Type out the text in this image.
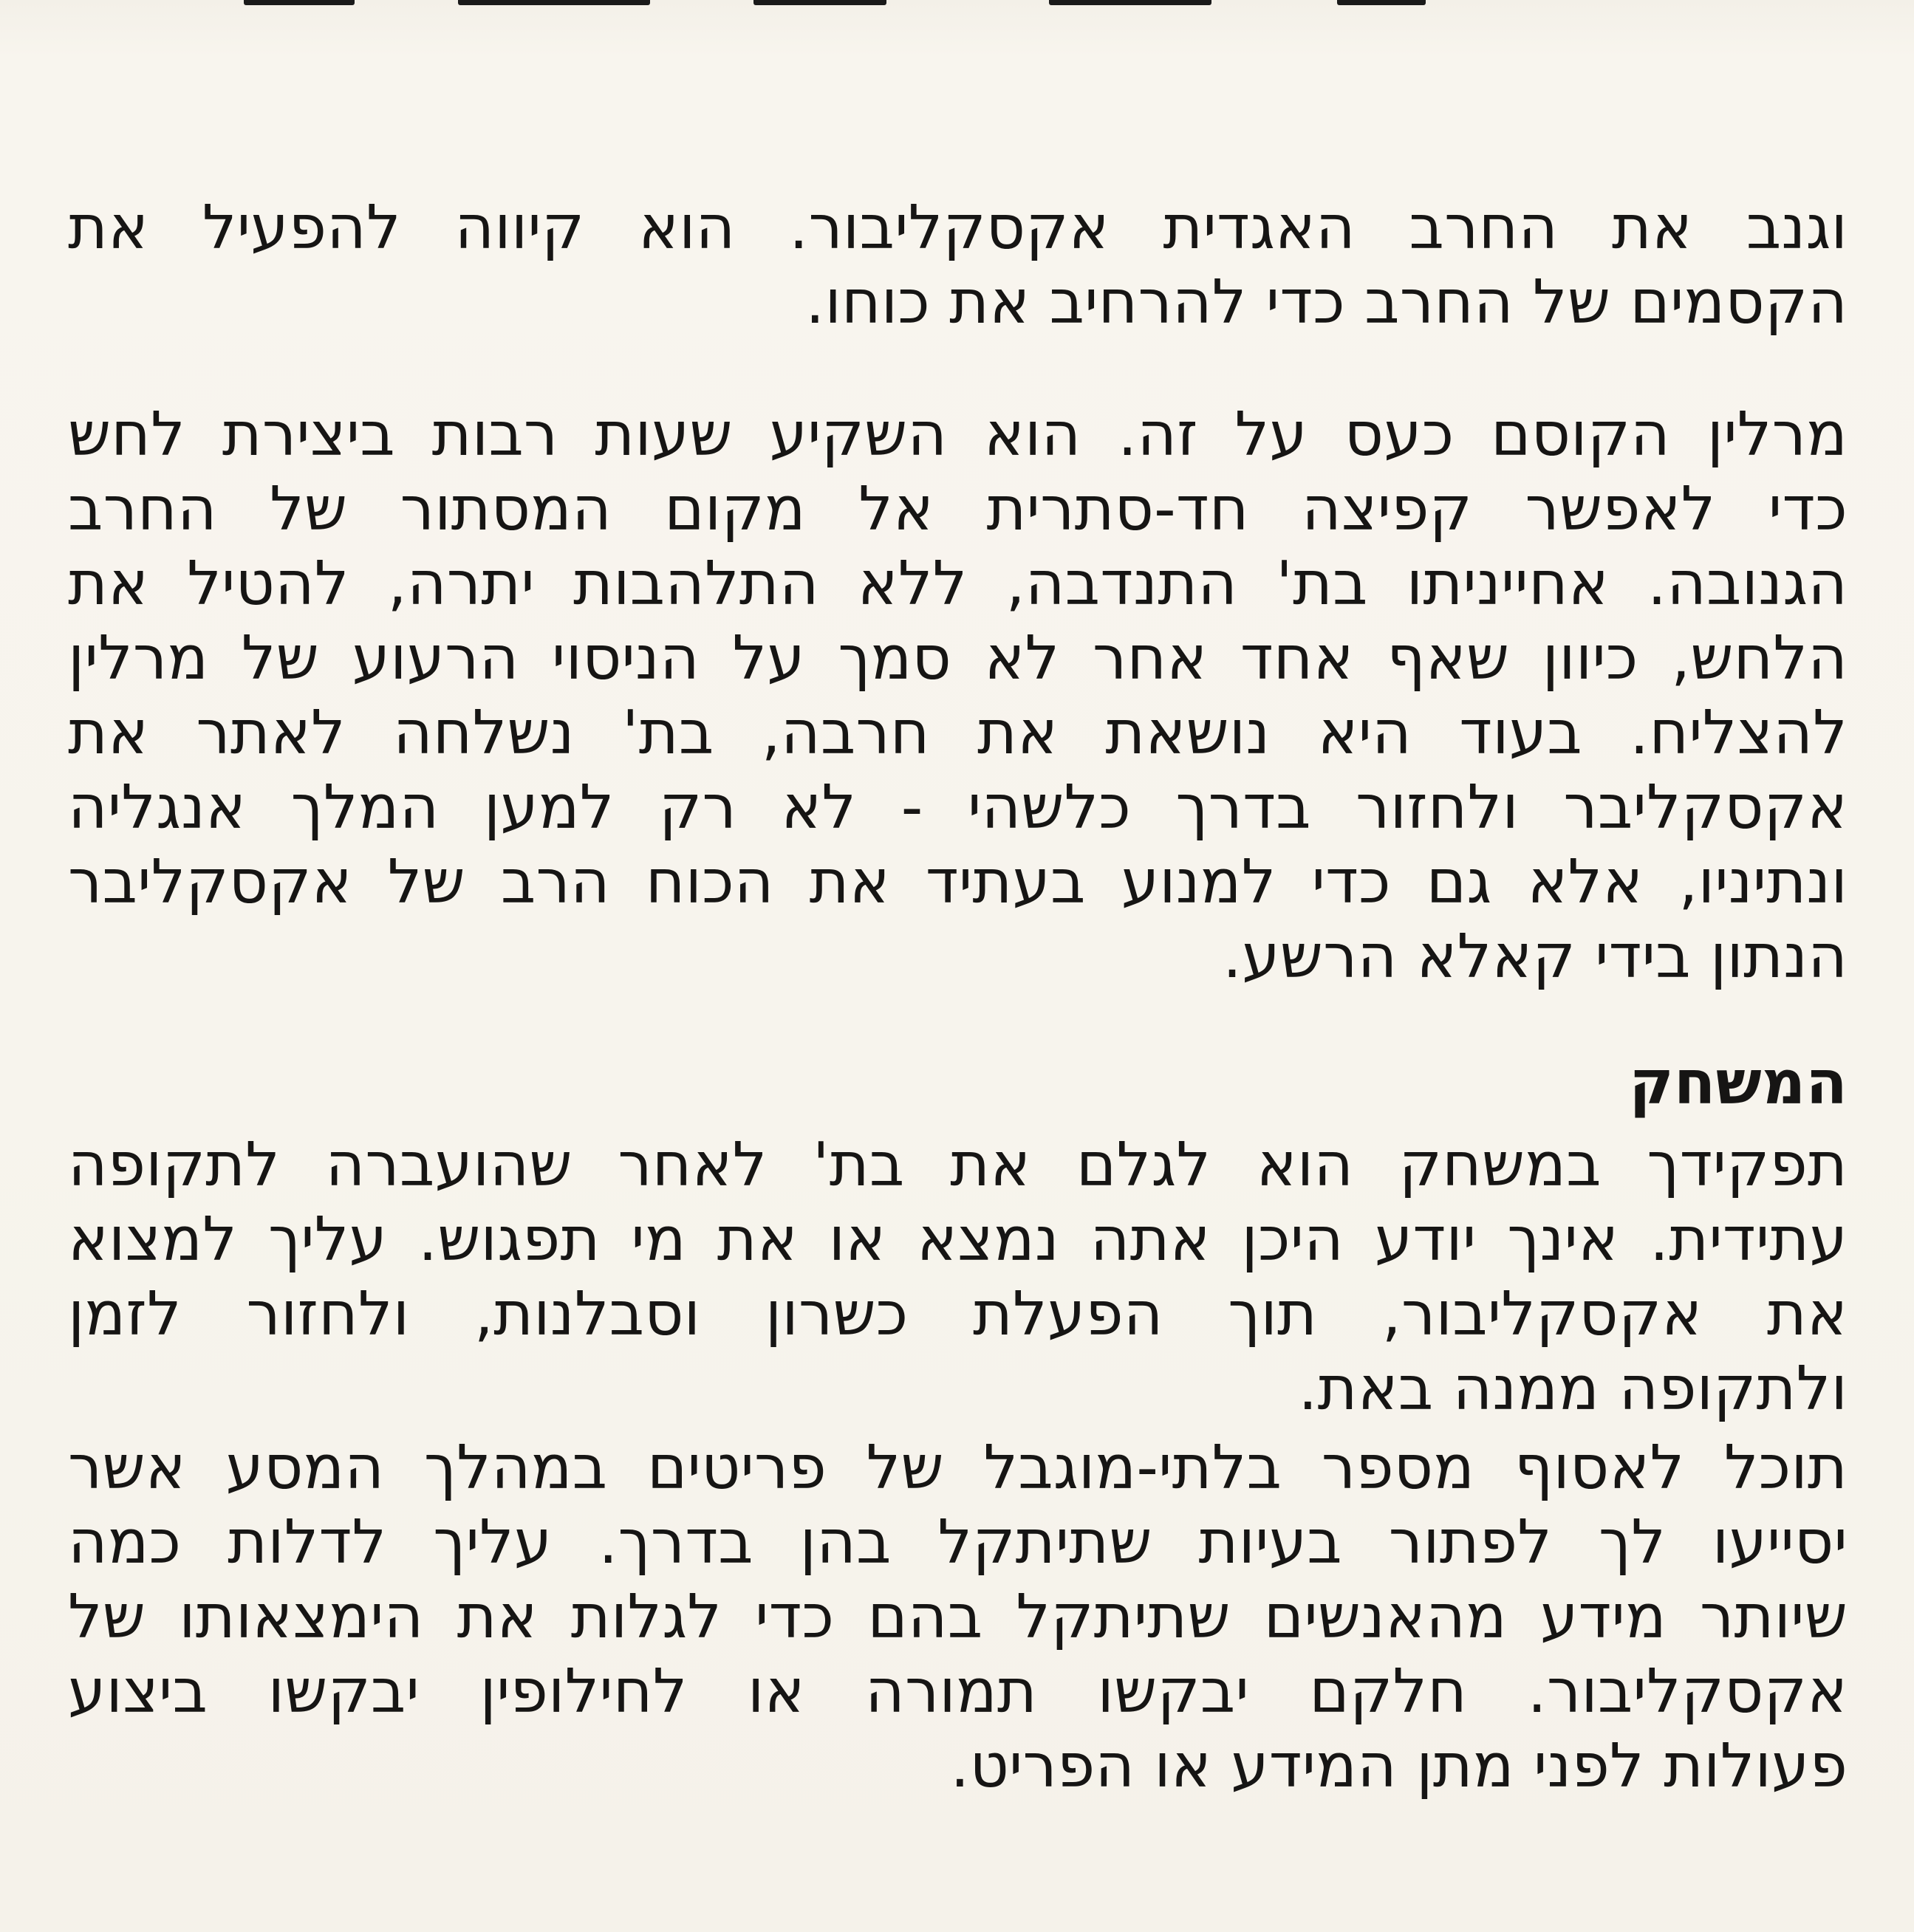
וגנב את החרב האגדית אקסקליבור. הוא קיווה להפעיל את
הקסמים של החרב כדי להרחיב את כוחו.
מרלין הקוסם כעס על זה. הוא השקיע שעות רבות ביצירת לחש
כדי לאפשר קפיצה חד-סתרית אל מקום המסתור של החרב
הגנובה. אחייניתו בת' התנדבה, ללא התלהבות יתרה, להטיל את
הלחש, כיוון שאף אחד אחר לא סמך על הניסוי הרעוע של מרלין
להצליח. בעוד היא נושאת את חרבה, בת' נשלחה לאתר את
אקסקליבר ולחזור בדרך כלשהי - לא רק למען המלך אנגליה
ונתיניו, אלא גם כדי למנוע בעתיד את הכוח הרב של אקסקליבר
הנתון בידי קאלא הרשע.
המשחק
תפקידך במשחק הוא לגלם את בת' לאחר שהועברה לתקופה
עתידית. אינך יודע היכן אתה נמצא או את מי תפגוש. עליך למצוא
את אקסקליבור, תוך הפעלת כשרון וסבלנות, ולחזור לזמן
ולתקופה ממנה באת.
תוכל לאסוף מספר בלתי-מוגבל של פריטים במהלך המסע אשר
יסייעו לך לפתור בעיות שתיתקל בהן בדרך. עליך לדלות כמה
שיותר מידע מהאנשים שתיתקל בהם כדי לגלות את הימצאותו של
אקסקליבור. חלקם יבקשו תמורה או לחילופין יבקשו ביצוע
פעולות לפני מתן המידע או הפריט.
